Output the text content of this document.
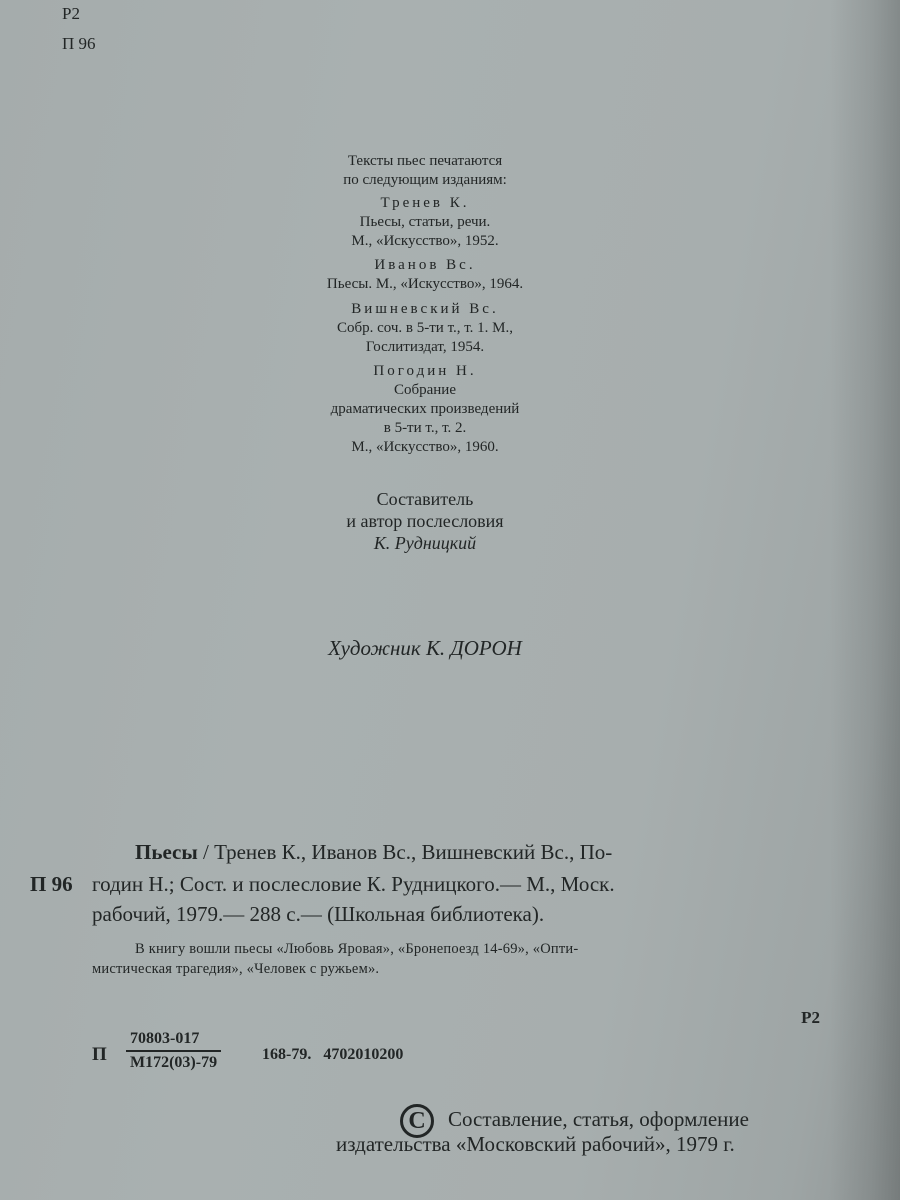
Р2
П 96
Тексты пьес печатаются
по следующим изданиям:
Тренев К.
Пьесы, статьи, речи.
М., «Искусство», 1952.
Иванов Вс.
Пьесы. М., «Искусство», 1964.
Вишневский Вс.
Собр. соч. в 5-ти т., т. 1. М.,
Гослитиздат, 1954.
Погодин Н.
Собрание
драматических произведений
в 5-ти т., т. 2.
М., «Искусство», 1960.
Составитель
и автор послесловия
К. Рудницкий
Художник К. ДОРОН
Пьесы / Тренев К., Иванов Вс., Вишневский Вс., По-
П 96 годин Н.; Сост. и послесловие К. Рудницкого.— М., Моск.
рабочий, 1979.— 288 с.— (Школьная библиотека).
В книгу вошли пьесы «Любовь Яровая», «Бронепоезд 14-69», «Опти-
мистическая трагедия», «Человек с ружьем».
Р2
П
70803-017
М172(03)-79	168-79.   4702010200
С Составление, статья, оформление
издательства «Московский рабочий», 1979 г.
